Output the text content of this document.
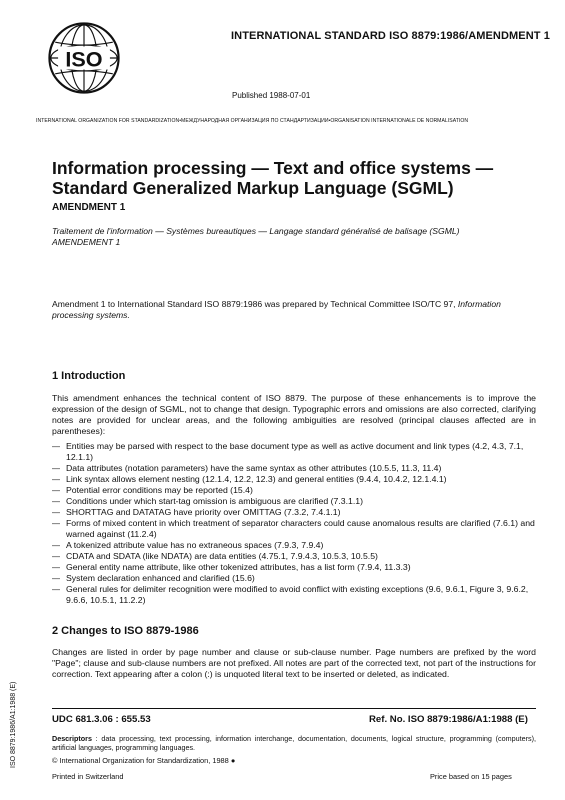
ISO
INTERNATIONAL STANDARD ISO 8879:1986/AMENDMENT 1
Published 1988-07-01
INTERNATIONAL ORGANIZATION FOR STANDARDIZATION•МЕЖДУНАРОДНАЯ ОРГАНИЗАЦИЯ ПО СТАНДАРТИЗАЦИИ•ORGANISATION INTERNATIONALE DE NORMALISATION
Information processing — Text and office systems —
Standard Generalized Markup Language (SGML)
AMENDMENT 1
Traitement de l'information — Systèmes bureautiques — Langage standard généralisé de balisage (SGML)
AMENDEMENT 1
Amendment 1 to International Standard ISO 8879:1986 was prepared by Technical Committee ISO/TC 97, Information processing systems.
1 Introduction
This amendment enhances the technical content of ISO 8879. The purpose of these enhancements is to improve the expression of the design of SGML, not to change that design. Typographic errors and omissions are also corrected, clarifying notes are provided for unclear areas, and the following ambiguities are resolved (principal clauses affected are in parentheses):
— Entities may be parsed with respect to the base document type as well as active document and link types (4.2, 4.3, 7.1, 12.1.1)
— Data attributes (notation parameters) have the same syntax as other attributes (10.5.5, 11.3, 11.4)
— Link syntax allows element nesting (12.1.4, 12.2, 12.3) and general entities (9.4.4, 10.4.2, 12.1.4.1)
— Potential error conditions may be reported (15.4)
— Conditions under which start-tag omission is ambiguous are clarified (7.3.1.1)
— SHORTTAG and DATATAG have priority over OMITTAG (7.3.2, 7.4.1.1)
— Forms of mixed content in which treatment of separator characters could cause anomalous results are clarified (7.6.1) and warned against (11.2.4)
— A tokenized attribute value has no extraneous spaces (7.9.3, 7.9.4)
— CDATA and SDATA (like NDATA) are data entities (4.75.1, 7.9.4.3, 10.5.3, 10.5.5)
— General entity name attribute, like other tokenized attributes, has a list form (7.9.4, 11.3.3)
— System declaration enhanced and clarified (15.6)
— General rules for delimiter recognition were modified to avoid conflict with existing exceptions (9.6, 9.6.1, Figure 3, 9.6.2, 9.6.6, 10.5.1, 11.2.2)
2 Changes to ISO 8879-1986
Changes are listed in order by page number and clause or sub-clause number. Page numbers are prefixed by the word "Page"; clause and sub-clause numbers are not prefixed. All notes are part of the corrected text, not part of the instructions for correction. Text appearing after a colon (:) is unquoted literal text to be inserted or deleted, as indicated.
UDC 681.3.06 : 655.53	Ref. No. ISO 8879:1986/A1:1988 (E)
Descriptors : data processing, text processing, information interchange, documentation, documents, logical structure, programming (computers), artificial languages, programming languages.
© International Organization for Standardization, 1988 ●
Printed in Switzerland	Price based on 15 pages
ISO 8879:1986/A1:1988 (E)
